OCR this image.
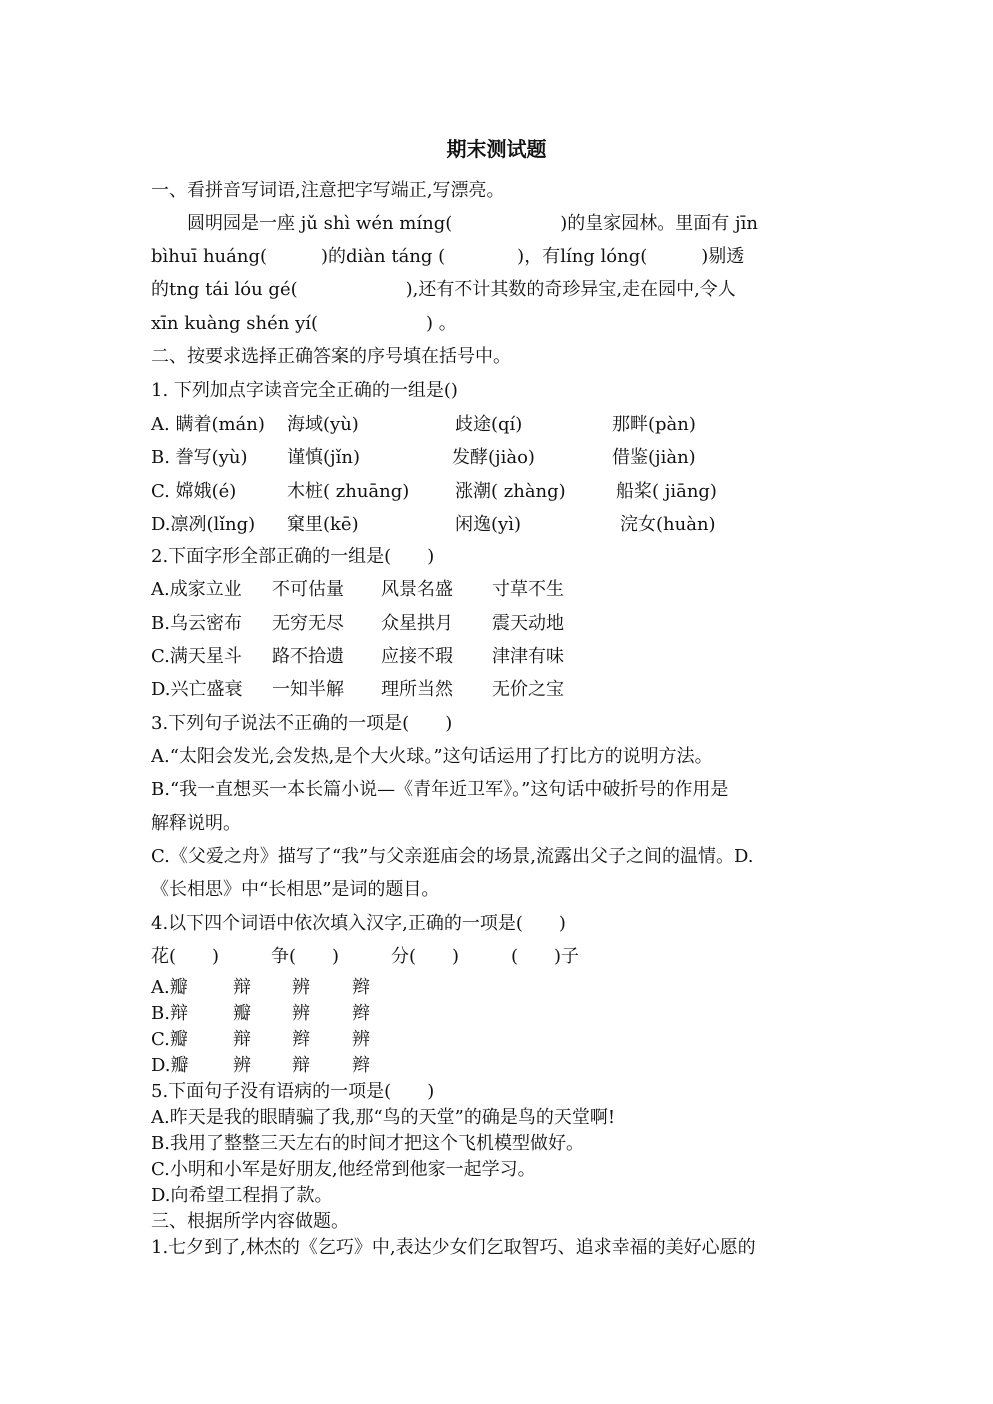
期末测试题
一、看拼音写词语,注意把字写端正,写漂亮。
　　圆明园是一座 jǔ shì wén míng(　　　　　　)的皇家园林。里面有 jīn
bìhuī huáng(　　　)的diàn táng (　　　　)，有líng lóng(　　　)剔透
的tng tái lóu gé(　　　　　　),还有不计其数的奇珍异宝,走在园中,令人
xīn kuàng shén yí(　　　　　　) 。
二、按要求选择正确答案的序号填在括号中。
1. 下列加点字读音完全正确的一组是()
A. 瞒着(mán) 海域(yù)	歧途(qí)	那畔(pàn)
B. 誊写(yù) 谨慎(jǐn)	发酵(jiào)	借鉴(jiàn)
C. 嫦娥(é)	木桩( zhuāng)	涨潮( zhàng)	船桨( jiāng)
D.凛冽(lǐng) 窠里(kē)	闲逸(yì)	浣女(huàn)
2.下面字形全部正确的一组是(　　)
A.成家立业 不可估量 风景名盛 寸草不生
B.乌云密布 无穷无尽 众星拱月 震天动地
C.满天星斗 路不拾遗 应接不瑕 津津有味
D.兴亡盛衰 一知半解 理所当然 无价之宝
3.下列句子说法不正确的一项是(　　)
A.“太阳会发光,会发热,是个大火球。”这句话运用了打比方的说明方法。
B.“我一直想买一本长篇小说—《青年近卫军》。”这句话中破折号的作用是
解释说明。
C.《父爱之舟》描写了“我”与父亲逛庙会的场景,流露出父子之间的温情。D.
《长相思》中“长相思”是词的题目。
4.以下四个词语中依次填入汉字,正确的一项是(　　)
花(　　)	争(　　)	分(　　)	(　　)子
A.瓣	辩 辨 辫
B.辩	瓣 辨 辫
C.瓣	辩 辫 辨
D.瓣 辨 辩 辫
5.下面句子没有语病的一项是(　　)
A.昨天是我的眼睛骗了我,那“鸟的天堂”的确是鸟的天堂啊!
B.我用了整整三天左右的时间才把这个飞机模型做好。
C.小明和小军是好朋友,他经常到他家一起学习。
D.向希望工程捐了款。
三、根据所学内容做题。
1.七夕到了,林杰的《乞巧》中,表达少女们乞取智巧、追求幸福的美好心愿的
